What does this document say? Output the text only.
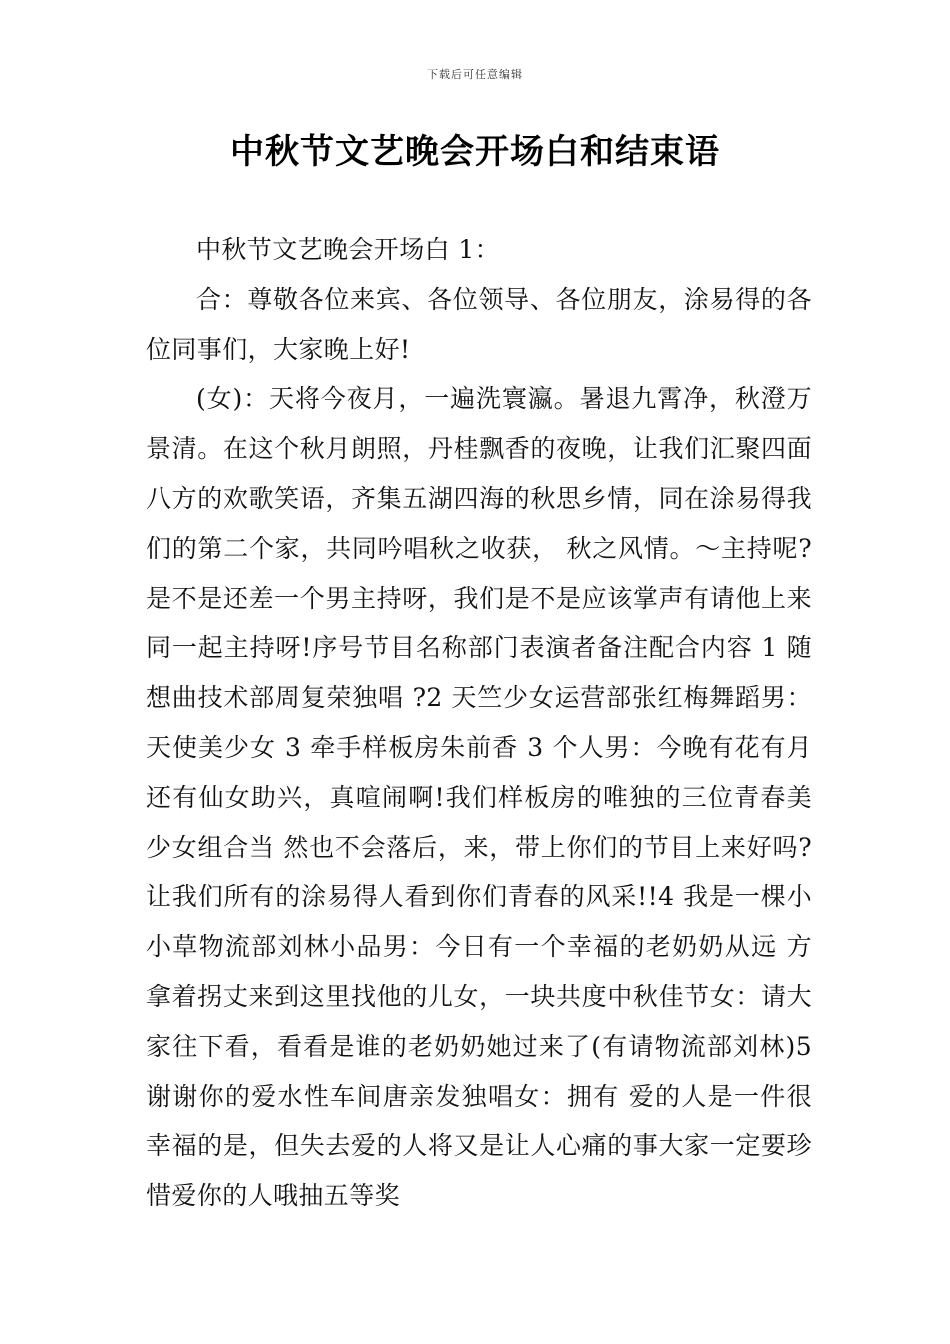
下载后可任意编辑
中秋节文艺晚会开场白和结束语

中秋节文艺晚会开场白 1：

合：尊敬各位来宾、各位领导、各位朋友，涂易得的各位同事们，大家晚上好!

(女)：天将今夜月，一遍洗寰瀛。暑退九霄净，秋澄万景清。在这个秋月朗照，丹桂飘香的夜晚，让我们汇聚四面八方的欢歌笑语，齐集五湖四海的秋思乡情，同在涂易得我们的第二个家，共同吟唱秋之收获， 秋之风情。～主持呢?是不是还差一个男主持呀，我们是不是应该掌声有请他上来同一起主持呀!序号节目名称部门表演者备注配合内容 1 随想曲技术部周复荣独唱 ?2 天竺少女运营部张红梅舞蹈男：天使美少女 3 牵手样板房朱前香 3 个人男：今晚有花有月还有仙女助兴，真喧闹啊!我们样板房的唯独的三位青春美少女组合当 然也不会落后，来，带上你们的节目上来好吗?让我们所有的涂易得人看到你们青春的风采!!4 我是一棵小小草物流部刘林小品男：今日有一个幸福的老奶奶从远 方拿着拐丈来到这里找他的儿女，一块共度中秋佳节女：请大家往下看，看看是谁的老奶奶她过来了(有请物流部刘林)5 谢谢你的爱水性车间唐亲发独唱女：拥有 爱的人是一件很幸福的是，但失去爱的人将又是让人心痛的事大家一定要珍惜爱你的人哦抽五等奖
